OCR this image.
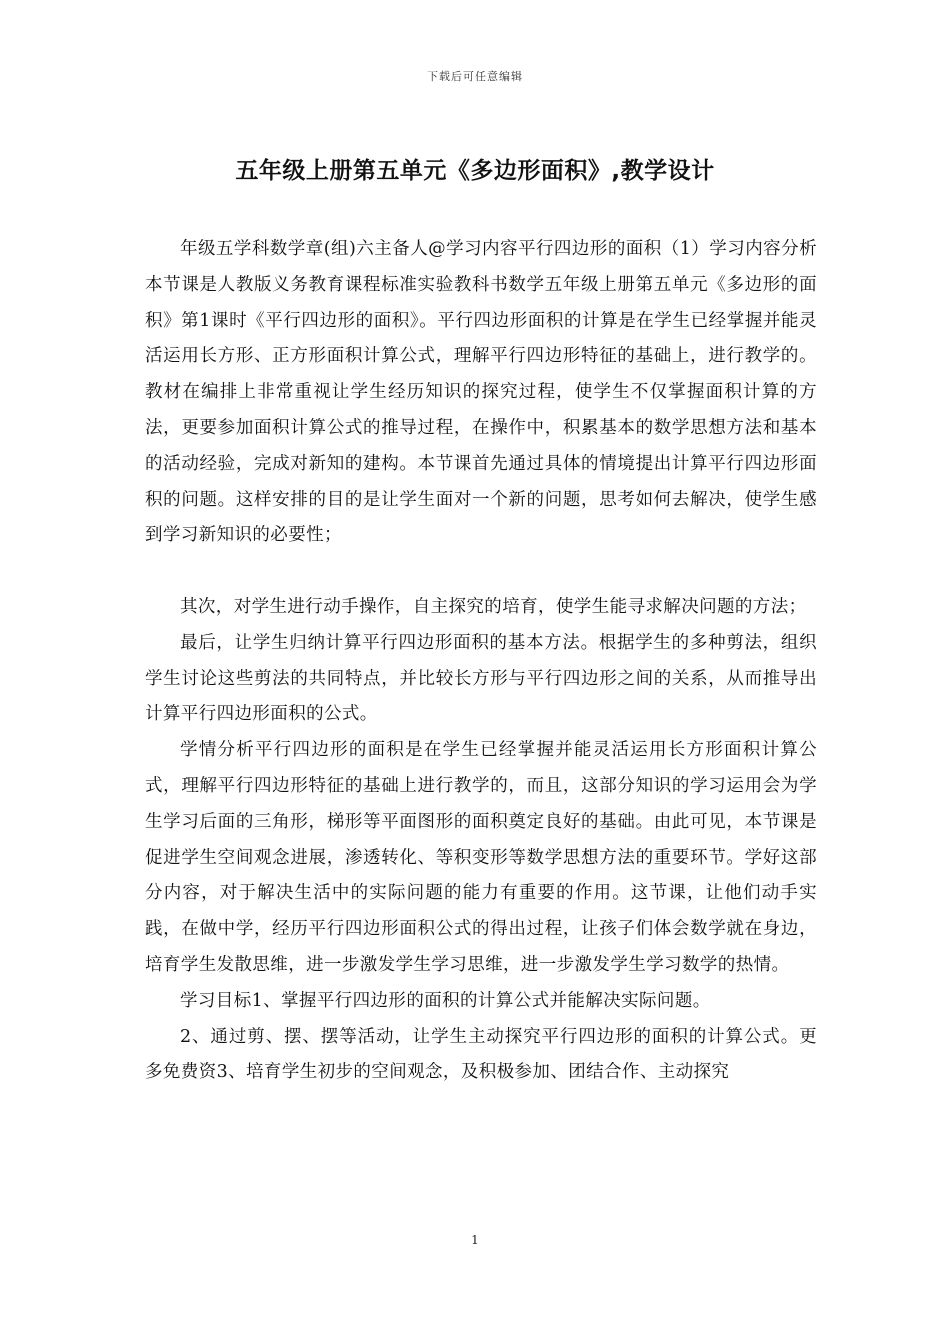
下载后可任意编辑
五年级上册第五单元《多边形面积》,教学设计

年级五学科数学章(组)六主备人@学习内容平行四边形的面积（1）学习内容分析本节课是人教版义务教育课程标准实验教科书数学五年级上册第五单元《多边形的面积》第1课时《平行四边形的面积》。平行四边形面积的计算是在学生已经掌握并能灵活运用长方形、正方形面积计算公式，理解平行四边形特征的基础上，进行教学的。教材在编排上非常重视让学生经历知识的探究过程，使学生不仅掌握面积计算的方法，更要参加面积计算公式的推导过程，在操作中，积累基本的数学思想方法和基本的活动经验，完成对新知的建构。本节课首先通过具体的情境提出计算平行四边形面积的问题。这样安排的目的是让学生面对一个新的问题，思考如何去解决，使学生感到学习新知识的必要性；

其次，对学生进行动手操作，自主探究的培育，使学生能寻求解决问题的方法；

最后，让学生归纳计算平行四边形面积的基本方法。根据学生的多种剪法，组织学生讨论这些剪法的共同特点，并比较长方形与平行四边形之间的关系，从而推导出计算平行四边形面积的公式。

学情分析平行四边形的面积是在学生已经掌握并能灵活运用长方形面积计算公式，理解平行四边形特征的基础上进行教学的，而且，这部分知识的学习运用会为学生学习后面的三角形，梯形等平面图形的面积奠定良好的基础。由此可见，本节课是促进学生空间观念进展，渗透转化、等积变形等数学思想方法的重要环节。学好这部分内容，对于解决生活中的实际问题的能力有重要的作用。这节课，让他们动手实践，在做中学，经历平行四边形面积公式的得出过程，让孩子们体会数学就在身边，培育学生发散思维，进一步激发学生学习思维，进一步激发学生学习数学的热情。

学习目标1、掌握平行四边形的面积的计算公式并能解决实际问题。

2、通过剪、摆、摆等活动，让学生主动探究平行四边形的面积的计算公式。更多免费资3、培育学生初步的空间观念，及积极参加、团结合作、主动探究

1
